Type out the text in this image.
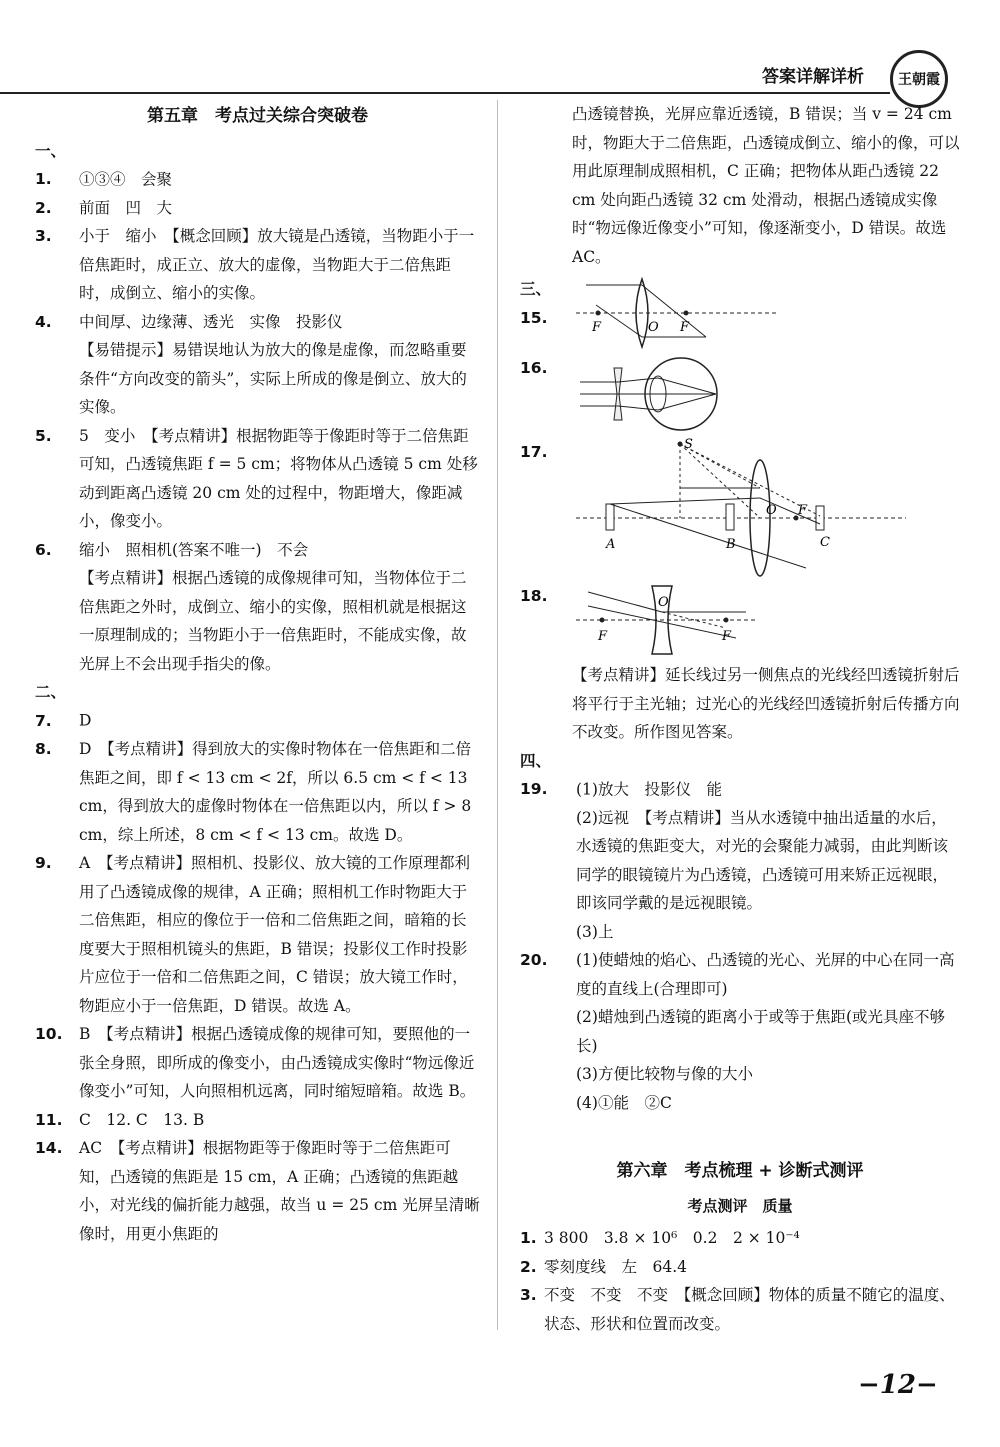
答案详解详析	王朝霞
第五章　考点过关综合突破卷

一、1. ①③④　会聚

2. 前面　凹　大

3. 小于　缩小　【概念回顾】放大镜是凸透镜，当物距小于一倍焦距时，成正立、放大的虚像，当物距大于二倍焦距时，成倒立、缩小的实像。

4. 中间厚、边缘薄、透光　实像　投影仪

【易错提示】易错误地认为放大的像是虚像，而忽略重要条件“方向改变的箭头”，实际上所成的像是倒立、放大的实像。

5. 5　变小　【考点精讲】根据物距等于像距时等于二倍焦距可知，凸透镜焦距 f = 5 cm；将物体从凸透镜 5 cm 处移动到距离凸透镜 20 cm 处的过程中，物距增大，像距减小，像变小。

6. 缩小　照相机(答案不唯一)　不会

【考点精讲】根据凸透镜的成像规律可知，当物体位于二倍焦距之外时，成倒立、缩小的实像，照相机就是根据这一原理制成的；当物距小于一倍焦距时，不能成实像，故光屏上不会出现手指尖的像。

二、7. D

8. D　【考点精讲】得到放大的实像时物体在一倍焦距和二倍焦距之间，即 f < 13 cm < 2f，所以 6.5 cm < f < 13 cm，得到放大的虚像时物体在一倍焦距以内，所以 f > 8 cm，综上所述，8 cm < f < 13 cm。故选 D。

9. A　【考点精讲】照相机、投影仪、放大镜的工作原理都利用了凸透镜成像的规律，A 正确；照相机工作时物距大于二倍焦距，相应的像位于一倍和二倍焦距之间，暗箱的长度要大于照相机镜头的焦距，B 错误；投影仪工作时投影片应位于一倍和二倍焦距之间，C 错误；放大镜工作时，物距应小于一倍焦距，D 错误。故选 A。

10. B　【考点精讲】根据凸透镜成像的规律可知，要照他的一张全身照，即所成的像变小，由凸透镜成实像时“物远像近像变小”可知，人向照相机远离，同时缩短暗箱。故选 B。

11. C　12. C　13. B

14. AC　【考点精讲】根据物距等于像距时等于二倍焦距可知，凸透镜的焦距是 15 cm，A 正确；凸透镜的焦距越小，对光线的偏折能力越强，故当 u = 25 cm 光屏呈清晰像时，用更小焦距的

凸透镜替换，光屏应靠近透镜，B 错误；当 v = 24 cm 时，物距大于二倍焦距，凸透镜成倒立、缩小的像，可以用此原理制成照相机，C 正确；把物体从距凸透镜 22 cm 处向距凸透镜 32 cm 处滑动，根据凸透镜成实像时“物远像近像变小”可知，像逐渐变小，D 错误。故选 AC。

三、15.
F	O F
16.
17.	S
O F
A	B	C
18.
F
O
F

【考点精讲】延长线过另一侧焦点的光线经凹透镜折射后将平行于主光轴；过光心的光线经凹透镜折射后传播方向不改变。所作图见答案。

四、19. (1)放大　投影仪　能

(2)远视　【考点精讲】当从水透镜中抽出适量的水后，水透镜的焦距变大，对光的会聚能力减弱，由此判断该同学的眼镜镜片为凸透镜，凸透镜可用来矫正远视眼，即该同学戴的是远视眼镜。

(3)上

20. (1)使蜡烛的焰心、凸透镜的光心、光屏的中心在同一高度的直线上(合理即可)

(2)蜡烛到凸透镜的距离小于或等于焦距(或光具座不够长)

(3)方便比较物与像的大小

(4)①能　②C

第六章　考点梳理 + 诊断式测评
考点测评　质量

1. 3 800　3.8 × 10⁶　0.2　2 × 10⁻⁴

2. 零刻度线　左　64.4

3. 不变　不变　不变　【概念回顾】物体的质量不随它的温度、状态、形状和位置而改变。

−12−
